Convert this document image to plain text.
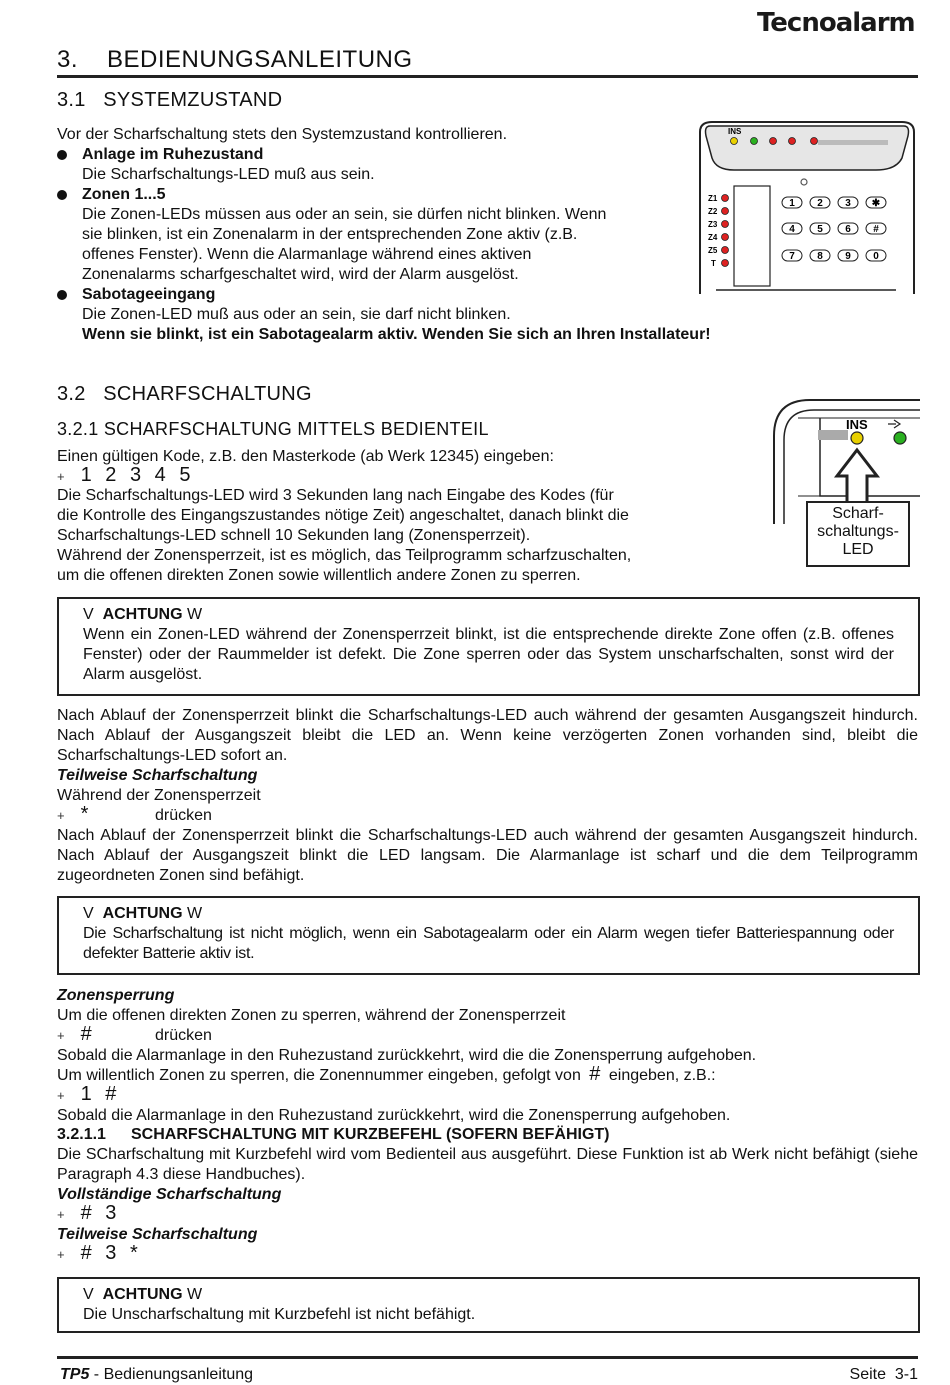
Tecnoalarm
3. BEDIENUNGSANLEITUNG
3.1   SYSTEMZUSTAND
Vor der Scharfschaltung stets den Systemzustand kontrollieren.
Anlage im Ruhezustand
Die Scharfschaltungs-LED muß aus sein.
Zonen 1...5
Die Zonen-LEDs müssen aus oder an sein, sie dürfen nicht blinken. Wenn
sie blinken, ist ein Zonenalarm in der entsprechenden Zone aktiv (z.B.
offenes Fenster). Wenn die Alarmanlage während eines aktiven
Zonenalarms scharfgeschaltet wird, wird der Alarm ausgelöst.
Sabotageeingang
Die Zonen-LED muß aus oder an sein, sie darf nicht blinken.
Wenn sie blinkt, ist ein Sabotagealarm aktiv. Wenden Sie sich an Ihren Installateur!
INS
Z1
Z2
Z3
Z4
Z5
T
1 2 3 ✱
4 5 6 #
7 8 9 0
3.2   SCHARFSCHALTUNG
3.2.1 SCHARFSCHALTUNG MITTELS BEDIENTEIL
Einen gültigen Kode, z.B. den Masterkode (ab Werk 12345) eingeben:
+ 1 2 3 4 5
Die Scharfschaltungs-LED wird 3 Sekunden lang nach Eingabe des Kodes (für
die Kontrolle des Eingangszustandes nötige Zeit) angeschaltet, danach blinkt die
Scharfschaltungs-LED schnell 10 Sekunden lang (Zonensperrzeit).
Während der Zonensperrzeit, ist es möglich, das Teilprogramm scharfzuschalten,
um die offenen direkten Zonen sowie willentlich andere Zonen zu sperren.
INS
Scharf-
schaltungs-
LED
V ACHTUNG W
Wenn ein Zonen-LED während der Zonensperrzeit blinkt, ist die entsprechende direkte Zone offen (z.B. offenes Fenster) oder der Raummelder ist defekt. Die Zone sperren oder das System unscharfschalten, sonst wird der Alarm ausgelöst.
Nach Ablauf der Zonensperrzeit blinkt die Scharfschaltungs-LED auch während der gesamten Ausgangszeit hindurch. Nach Ablauf der Ausgangszeit bleibt die LED an. Wenn keine verzögerten Zonen vorhanden sind, bleibt die Scharfschaltungs-LED sofort an.
Teilweise Scharfschaltung
Während der Zonensperrzeit
+ *	drücken
Nach Ablauf der Zonensperrzeit blinkt die Scharfschaltungs-LED auch während der gesamten Ausgangszeit hindurch. Nach Ablauf der Ausgangszeit blinkt die LED langsam. Die Alarmanlage ist scharf und die dem Teilprogramm zugeordneten Zonen sind befähigt.
V ACHTUNG W
Die Scharfschaltung ist nicht möglich, wenn ein Sabotagealarm oder ein Alarm wegen tiefer Batteriespannung oder defekter Batterie aktiv ist.
Zonensperrung
Um die offenen direkten Zonen zu sperren, während der Zonensperrzeit
+ #	drücken
Sobald die Alarmanlage in den Ruhezustand zurückkehrt, wird die die Zonensperrung aufgehoben.
Um willentlich Zonen zu sperren, die Zonennummer eingeben, gefolgt von # eingeben, z.B.:
+ 1 #
Sobald die Alarmanlage in den Ruhezustand zurückkehrt, wird die Zonensperrung aufgehoben.
3.2.1.1 SCHARFSCHALTUNG MIT KURZBEFEHL (SOFERN BEFÄHIGT)
Die SCharfschaltung mit Kurzbefehl wird vom Bedienteil aus ausgeführt. Diese Funktion ist ab Werk nicht befähigt (siehe Paragraph 4.3 diese Handbuches).
Vollständige Scharfschaltung
+ # 3
Teilweise Scharfschaltung
+ # 3 *
V ACHTUNG W
Die Unscharfschaltung mit Kurzbefehl ist nicht befähigt.
TP5 - Bedienungsanleitung	Seite  3-1
